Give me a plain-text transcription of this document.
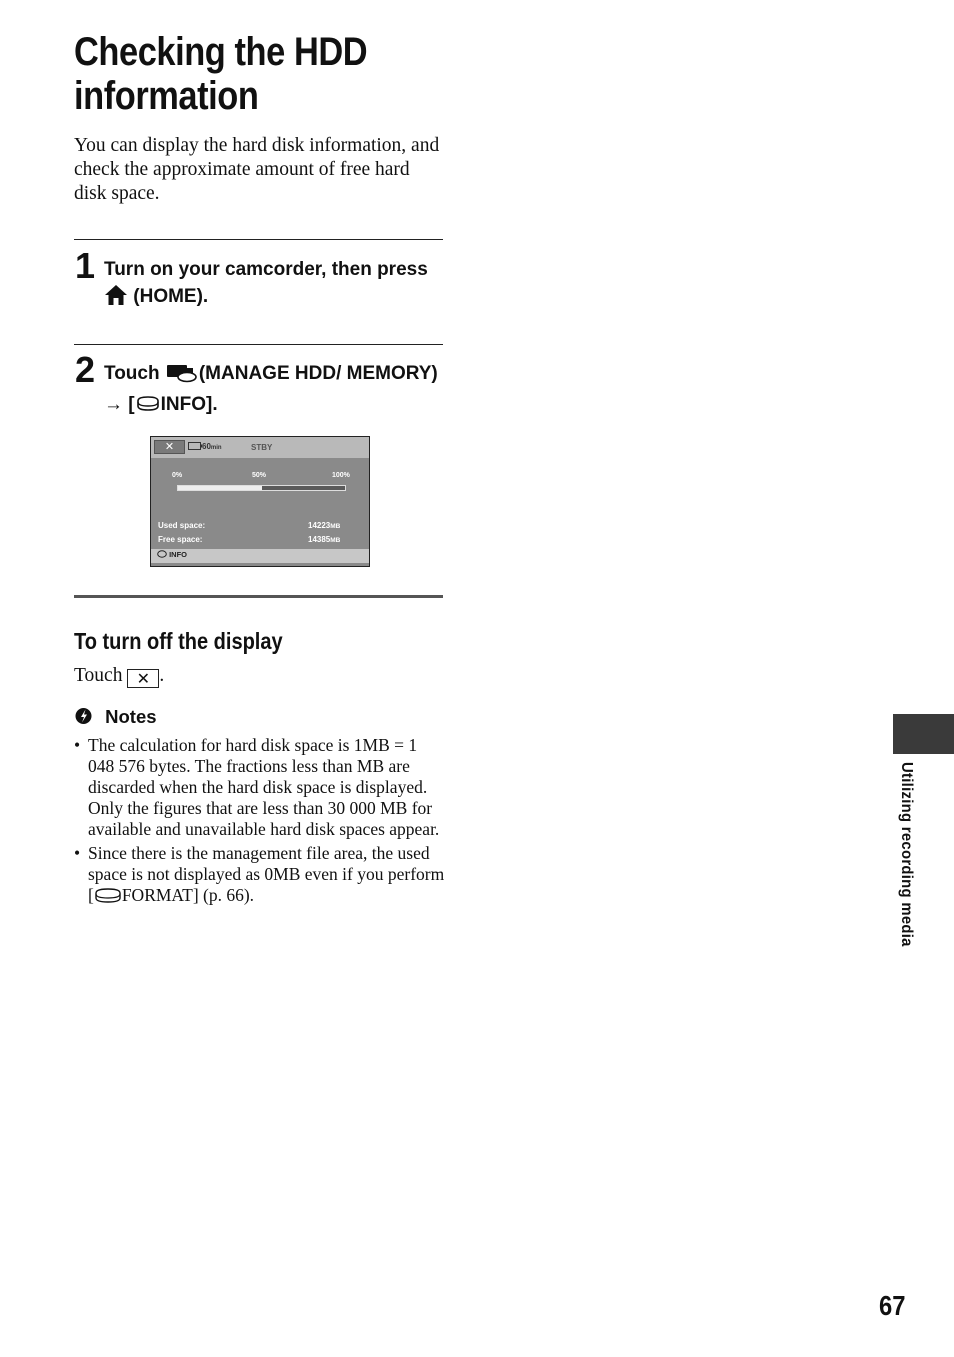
Checking the HDD information
You can display the hard disk information, and check the approximate amount of free hard disk space.
1 Turn on your camcorder, then press  (HOME).
2 Touch (MANAGE HDD/ MEMORY) → [ INFO].
✕	60min	STBY
0%	50%	100%
Used space:	14223MB
Free space:	14385MB
INFO
To turn off the display
Touch ✕ .
Notes
• The calculation for hard disk space is 1MB = 1 048 576 bytes. The fractions less than MB are discarded when the hard disk space is displayed. Only the figures that are less than 30 000 MB for available and unavailable hard disk spaces appear.
• Since there is the management file area, the used space is not displayed as 0MB even if you perform [ FORMAT] (p. 66).	Utilizing recording media
67
